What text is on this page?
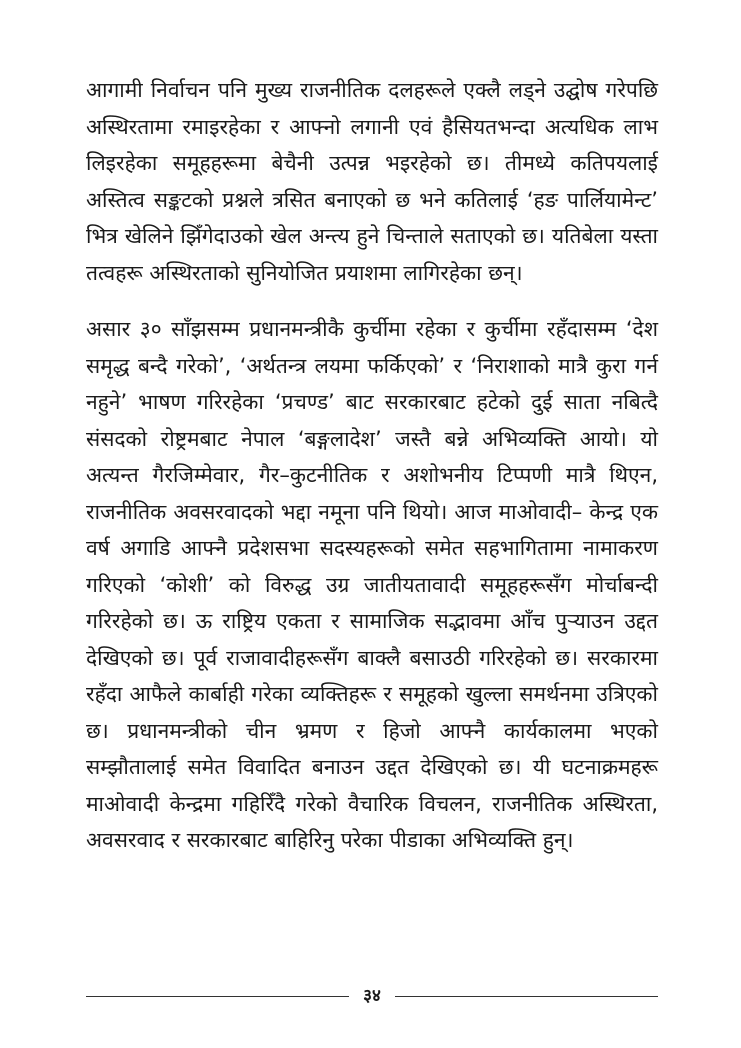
आगामी निर्वाचन पनि मुख्य राजनीतिक दलहरूले एक्लै लड्ने उद्घोष गरेपछि अस्थिरतामा रमाइरहेका र आफ्नो लगानी एवं हैसियतभन्दा अत्यधिक लाभ लिइरहेका समूहहरूमा बेचैनी उत्पन्न भइरहेको छ। तीमध्ये कतिपयलाई अस्तित्व सङ्कटको प्रश्नले त्रसित बनाएको छ भने कतिलाई ‘हङ पार्लियामेन्ट’ भित्र खेलिने झिँगेदाउको खेल अन्त्य हुने चिन्ताले सताएको छ। यतिबेला यस्ता तत्वहरू अस्थिरताको सुनियोजित प्रयाशमा लागिरहेका छन्।

असार ३० साँझसम्म प्रधानमन्त्रीकै कुर्चीमा रहेका र कुर्चीमा रहँदासम्म ‘देश समृद्ध बन्दै गरेको’, ‘अर्थतन्त्र लयमा फर्किएको’ र ‘निराशाको मात्रै कुरा गर्न नहुने’ भाषण गरिरहेका ‘प्रचण्ड’ बाट सरकारबाट हटेको दुई साता नबित्दै संसदको रोष्ट्रमबाट नेपाल ‘बङ्गलादेश’ जस्तै बन्ने अभिव्यक्ति आयो। यो अत्यन्त गैरजिम्मेवार, गैर–कुटनीतिक र अशोभनीय टिप्पणी मात्रै थिएन, राजनीतिक अवसरवादको भद्दा नमूना पनि थियो। आज माओवादी– केन्द्र एक वर्ष अगाडि आफ्नै प्रदेशसभा सदस्यहरूको समेत सहभागितामा नामाकरण गरिएको ‘कोशी’ को विरुद्ध उग्र जातीयतावादी समूहहरूसँग मोर्चाबन्दी गरिरहेको छ। ऊ राष्ट्रिय एकता र सामाजिक सद्भावमा आँच पुऱ्याउन उद्दत देखिएको छ। पूर्व राजावादीहरूसँग बाक्लै बसाउठी गरिरहेको छ। सरकारमा रहँदा आफैले कार्बाही गरेका व्यक्तिहरू र समूहको खुल्ला समर्थनमा उत्रिएको छ। प्रधानमन्त्रीको चीन भ्रमण र हिजो आफ्नै कार्यकालमा भएको सम्झौतालाई समेत विवादित बनाउन उद्दत देखिएको छ। यी घटनाक्रमहरू माओवादी केन्द्रमा गहिरिँदै गरेको वैचारिक विचलन, राजनीतिक अस्थिरता, अवसरवाद र सरकारबाट बाहिरिनु परेका पीडाका अभिव्यक्ति हुन्।

३४
